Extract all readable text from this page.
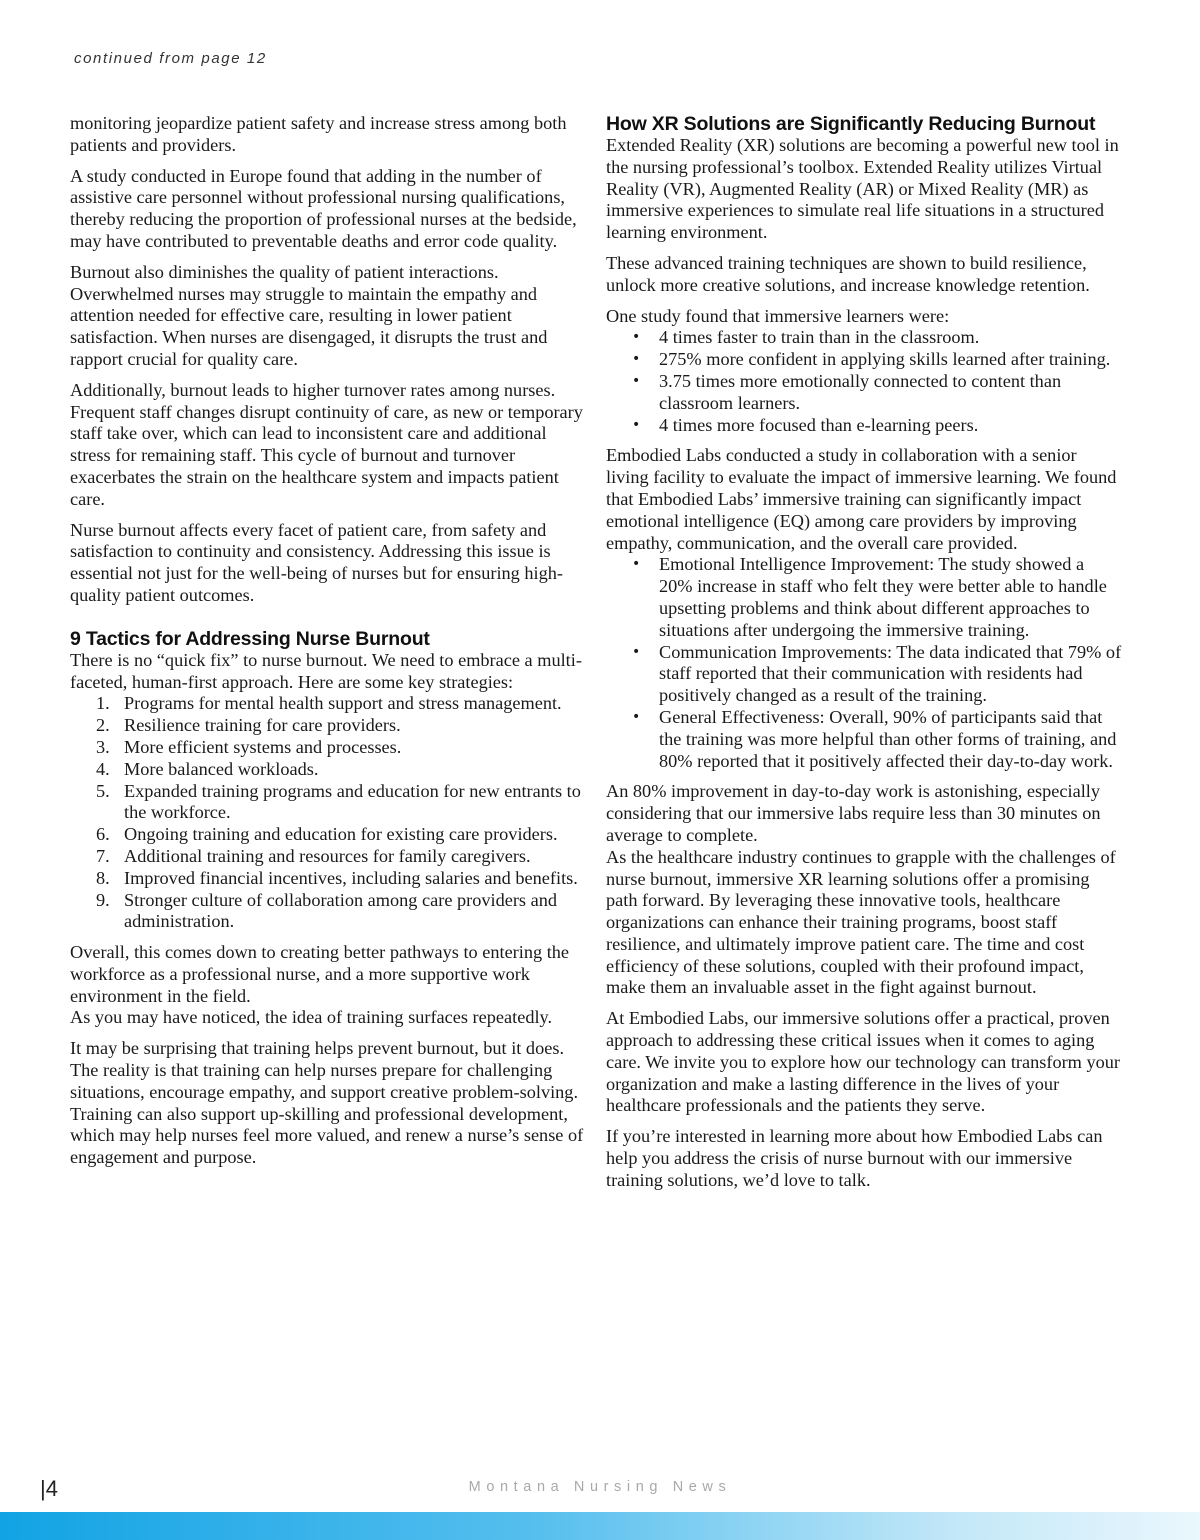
continued from page 12

monitoring jeopardize patient safety and increase stress among both patients and providers.

A study conducted in Europe found that adding in the number of assistive care personnel without professional nursing qualifications, thereby reducing the proportion of professional nurses at the bedside, may have contributed to preventable deaths and error code quality.

Burnout also diminishes the quality of patient interactions. Overwhelmed nurses may struggle to maintain the empathy and attention needed for effective care, resulting in lower patient satisfaction. When nurses are disengaged, it disrupts the trust and rapport crucial for quality care.

Additionally, burnout leads to higher turnover rates among nurses. Frequent staff changes disrupt continuity of care, as new or temporary staff take over, which can lead to inconsistent care and additional stress for remaining staff. This cycle of burnout and turnover exacerbates the strain on the healthcare system and impacts patient care.

Nurse burnout affects every facet of patient care, from safety and satisfaction to continuity and consistency. Addressing this issue is essential not just for the well-being of nurses but for ensuring high-quality patient outcomes.

9 Tactics for Addressing Nurse Burnout

There is no “quick fix” to nurse burnout. We need to embrace a multi-faceted, human-first approach. Here are some key strategies:

1. Programs for mental health support and stress management.
2. Resilience training for care providers.
3. More efficient systems and processes.
4. More balanced workloads.
5. Expanded training programs and education for new entrants to the workforce.
6. Ongoing training and education for existing care providers.
7. Additional training and resources for family caregivers.
8. Improved financial incentives, including salaries and benefits.
9. Stronger culture of collaboration among care providers and administration.

Overall, this comes down to creating better pathways to entering the workforce as a professional nurse, and a more supportive work environment in the field.

As you may have noticed, the idea of training surfaces repeatedly.

It may be surprising that training helps prevent burnout, but it does. The reality is that training can help nurses prepare for challenging situations, encourage empathy, and support creative problem-solving. Training can also support up-skilling and professional development, which may help nurses feel more valued, and renew a nurse’s sense of engagement and purpose.

How XR Solutions are Significantly Reducing Burnout

Extended Reality (XR) solutions are becoming a powerful new tool in the nursing professional’s toolbox. Extended Reality utilizes Virtual Reality (VR), Augmented Reality (AR) or Mixed Reality (MR) as immersive experiences to simulate real life situations in a structured learning environment.

These advanced training techniques are shown to build resilience, unlock more creative solutions, and increase knowledge retention.

One study found that immersive learners were:

• 4 times faster to train than in the classroom.
• 275% more confident in applying skills learned after training.
• 3.75 times more emotionally connected to content than classroom learners.
• 4 times more focused than e-learning peers.

Embodied Labs conducted a study in collaboration with a senior living facility to evaluate the impact of immersive learning. We found that Embodied Labs’ immersive training can significantly impact emotional intelligence (EQ) among care providers by improving empathy, communication, and the overall care provided.

• Emotional Intelligence Improvement: The study showed a 20% increase in staff who felt they were better able to handle upsetting problems and think about different approaches to situations after undergoing the immersive training.
• Communication Improvements: The data indicated that 79% of staff reported that their communication with residents had positively changed as a result of the training.
• General Effectiveness: Overall, 90% of participants said that the training was more helpful than other forms of training, and 80% reported that it positively affected their day-to-day work.

An 80% improvement in day-to-day work is astonishing, especially considering that our immersive labs require less than 30 minutes on average to complete.

As the healthcare industry continues to grapple with the challenges of nurse burnout, immersive XR learning solutions offer a promising path forward. By leveraging these innovative tools, healthcare organizations can enhance their training programs, boost staff resilience, and ultimately improve patient care. The time and cost efficiency of these solutions, coupled with their profound impact, make them an invaluable asset in the fight against burnout.

At Embodied Labs, our immersive solutions offer a practical, proven approach to addressing these critical issues when it comes to aging care. We invite you to explore how our technology can transform your organization and make a lasting difference in the lives of your healthcare professionals and the patients they serve.

If you’re interested in learning more about how Embodied Labs can help you address the crisis of nurse burnout with our immersive training solutions, we’d love to talk.

|4	Montana Nursing News
